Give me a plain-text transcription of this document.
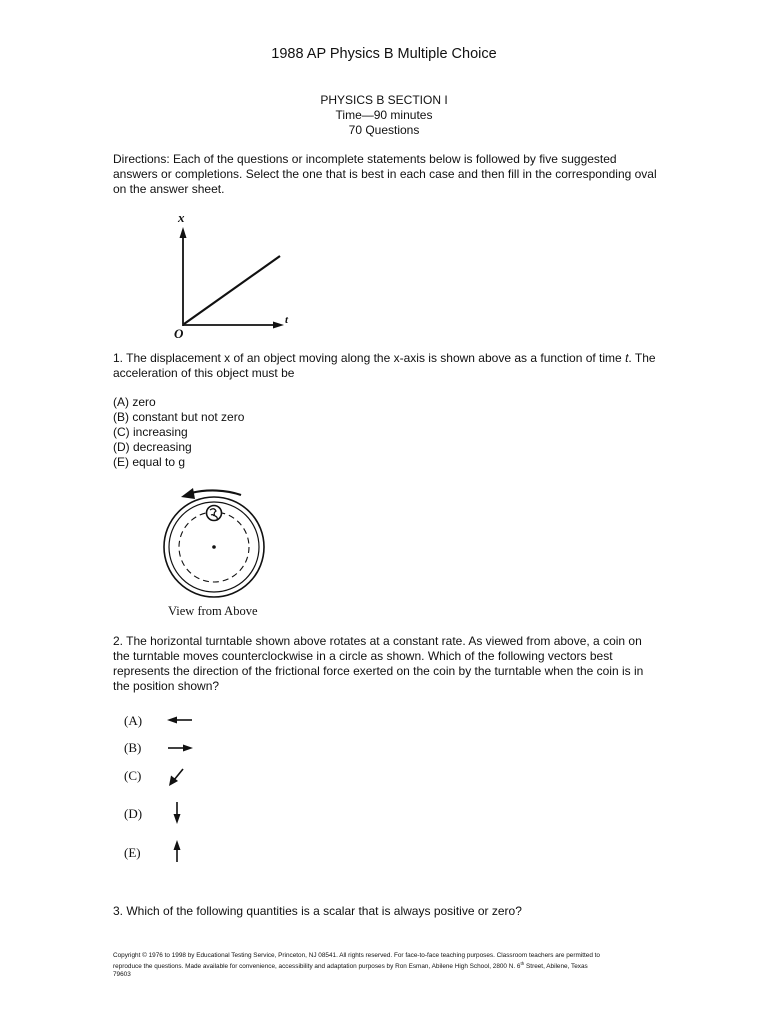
1988 AP Physics B Multiple Choice
PHYSICS B SECTION I
Time—90 minutes
70 Questions

Directions: Each of the questions or incomplete statements below is followed by five suggested answers or completions. Select the one that is best in each case and then fill in the corresponding oval on the answer sheet.

x
t
O

1. The displacement x of an object moving along the x-axis is shown above as a function of time t. The acceleration of this object must be

(A) zero
(B) constant but not zero
(C) increasing
(D) decreasing
(E) equal to g
View from Above

2. The horizontal turntable shown above rotates at a constant rate. As viewed from above, a coin on the turntable moves counterclockwise in a circle as shown. Which of the following vectors best represents the direction of the frictional force exerted on the coin by the turntable when the coin is in the position shown?

(A)
(B)
(C)
(D)
(E)

3. Which of the following quantities is a scalar that is always positive or zero?

Copyright © 1976 to 1998 by Educational Testing Service, Princeton, NJ 08541. All rights reserved. For face-to-face teaching purposes. Classroom teachers are permitted to
reproduce the questions. Made available for convenience, accessibility and adaptation purposes by Ron Esman, Abilene High School, 2800 N. 6th Street, Abilene, Texas
79603
